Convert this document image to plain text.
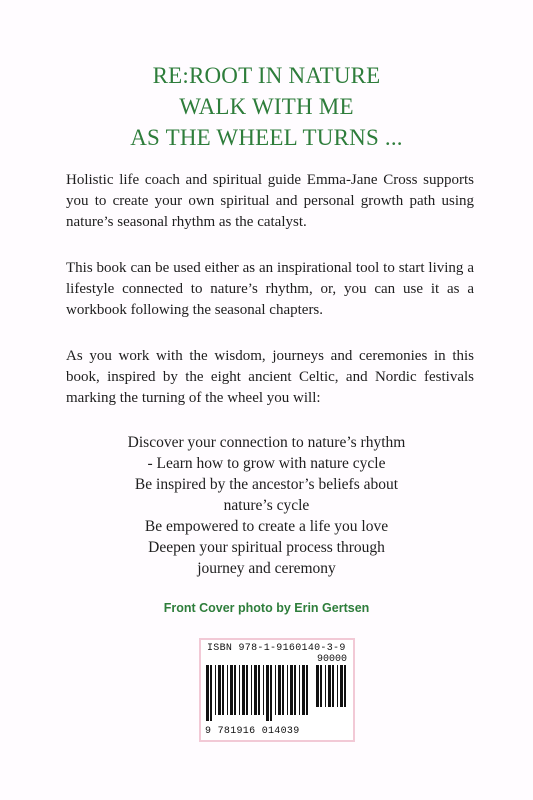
RE:ROOT IN NATURE
WALK WITH ME
AS THE WHEEL TURNS ...
Holistic life coach and spiritual guide Emma-Jane Cross supports you to create your own spiritual and personal growth path using nature’s seasonal rhythm as the catalyst.
This book can be used either as an inspirational tool to start living a lifestyle connected to nature’s rhythm, or, you can use it as a workbook following the seasonal chapters.
As you work with the wisdom, journeys and ceremonies in this book, inspired by the eight ancient Celtic, and Nordic festivals marking the turning of the wheel you will:
Discover your connection to nature’s rhythm
- Learn how to grow with nature cycle
Be inspired by the ancestor’s beliefs about
nature’s cycle
Be empowered to create a life you love
Deepen your spiritual process through
journey and ceremony
Front Cover photo by Erin Gertsen
ISBN 978-1-9160140-3-9
90000
9 781916 014039
